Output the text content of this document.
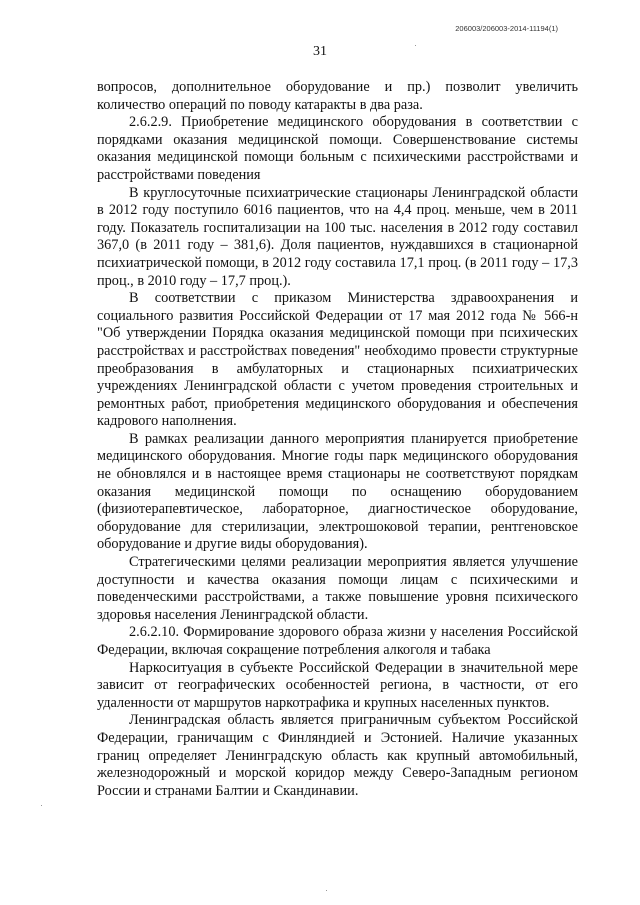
206003/206003-2014-11194(1)
31

вопросов, дополнительное оборудование и пр.) позволит увеличить количество операций по поводу катаракты в два раза.

2.6.2.9. Приобретение медицинского оборудования в соответствии с порядками оказания медицинской помощи. Совершенствование системы оказания медицинской помощи больным с психическими расстройствами и расстройствами поведения

В круглосуточные психиатрические стационары Ленинградской области в 2012 году поступило 6016 пациентов, что на 4,4 проц. меньше, чем в 2011 году. Показатель госпитализации на 100 тыс. населения в 2012 году составил 367,0 (в 2011 году – 381,6). Доля пациентов, нуждавшихся в стационарной психиатрической помощи, в 2012 году составила 17,1 проц. (в 2011 году – 17,3 проц., в 2010 году – 17,7 проц.).

В соответствии с приказом Министерства здравоохранения и социального развития Российской Федерации от 17 мая 2012 года № 566-н "Об утверждении Порядка оказания медицинской помощи при психических расстройствах и расстройствах поведения" необходимо провести структурные преобразования в амбулаторных и стационарных психиатрических учреждениях Ленинградской области с учетом проведения строительных и ремонтных работ, приобретения медицинского оборудования и обеспечения кадрового наполнения.

В рамках реализации данного мероприятия планируется приобретение медицинского оборудования. Многие годы парк медицинского оборудования не обновлялся и в настоящее время стационары не соответствуют порядкам оказания медицинской помощи по оснащению оборудованием (физиотерапевтическое, лабораторное, диагностическое оборудование, оборудование для стерилизации, электрошоковой терапии, рентгеновское оборудование и другие виды оборудования).

Стратегическими целями реализации мероприятия является улучшение доступности и качества оказания помощи лицам с психическими и поведенческими расстройствами, а также повышение уровня психического здоровья населения Ленинградской области.

2.6.2.10. Формирование здорового образа жизни у населения Российской Федерации, включая сокращение потребления алкоголя и табака

Наркоситуация в субъекте Российской Федерации в значительной мере зависит от географических особенностей региона, в частности, от его удаленности от маршрутов наркотрафика и крупных населенных пунктов.

Ленинградская область является приграничным субъектом Российской Федерации, граничащим с Финляндией и Эстонией. Наличие указанных границ определяет Ленинградскую область как крупный автомобильный, железнодорожный и морской коридор между Северо-Западным регионом России и странами Балтии и Скандинавии.

·
·
·
